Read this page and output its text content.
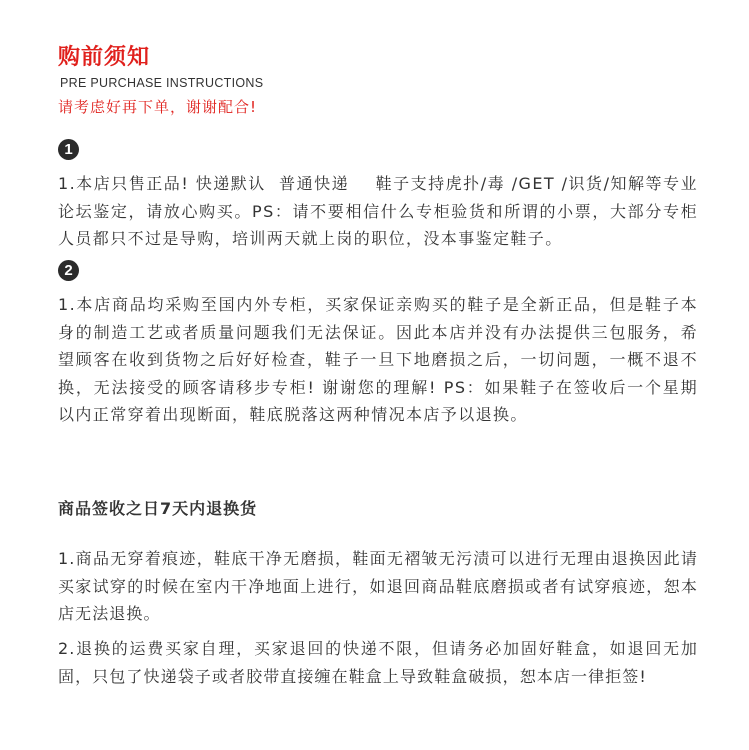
购前须知
PRE PURCHASE INSTRUCTIONS
请考虑好再下单，谢谢配合!
1

1.本店只售正品! 快递默认 普通快递 鞋子支持虎扑/毒 /GET /识货/知解等专业论坛鉴定，请放心购买。PS：请不要相信什么专柜验货和所谓的小票，大部分专柜人员都只不过是导购，培训两天就上岗的职位，没本事鉴定鞋子。

2

1.本店商品均采购至国内外专柜，买家保证亲购买的鞋子是全新正品，但是鞋子本身的制造工艺或者质量问题我们无法保证。因此本店并没有办法提供三包服务，希望顾客在收到货物之后好好检查，鞋子一旦下地磨损之后，一切问题，一概不退不换，无法接受的顾客请移步专柜! 谢谢您的理解! PS：如果鞋子在签收后一个星期以内正常穿着出现断面，鞋底脱落这两种情况本店予以退换。

商品签收之日7天内退换货

1.商品无穿着痕迹，鞋底干净无磨损，鞋面无褶皱无污渍可以进行无理由退换因此请买家试穿的时候在室内干净地面上进行，如退回商品鞋底磨损或者有试穿痕迹，恕本店无法退换。

2.退换的运费买家自理，买家退回的快递不限，但请务必加固好鞋盒，如退回无加固，只包了快递袋子或者胶带直接缠在鞋盒上导致鞋盒破损，恕本店一律拒签!
